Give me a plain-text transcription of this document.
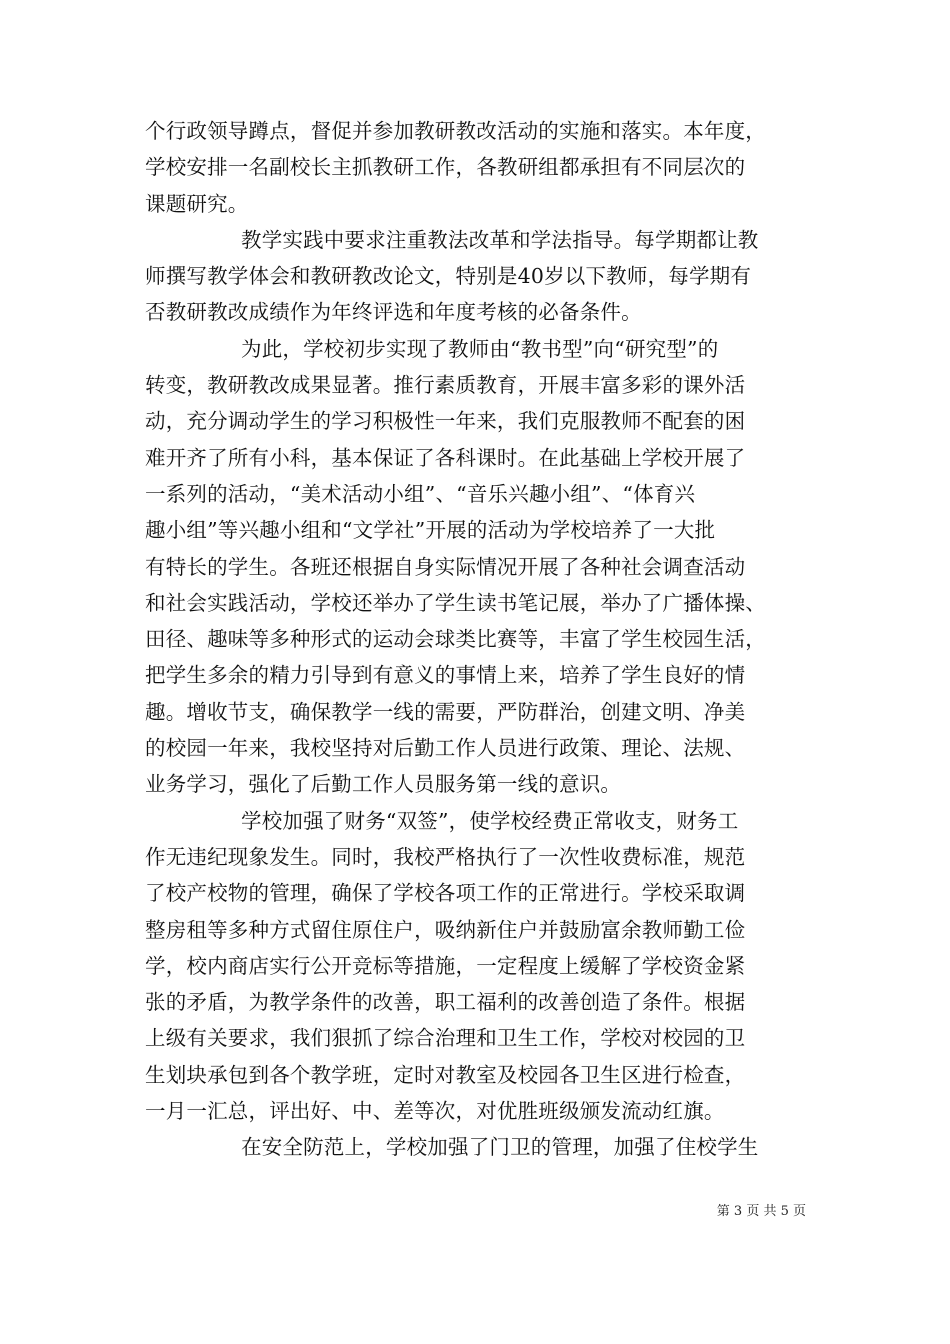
个行政领导蹲点，督促并参加教研教改活动的实施和落实。本年度，
学校安排一名副校长主抓教研工作，各教研组都承担有不同层次的
课题研究。
教学实践中要求注重教法改革和学法指导。每学期都让教
师撰写教学体会和教研教改论文，特别是40岁以下教师，每学期有
否教研教改成绩作为年终评选和年度考核的必备条件。
为此，学校初步实现了教师由“教书型”向“研究型”的
转变，教研教改成果显著。推行素质教育，开展丰富多彩的课外活
动，充分调动学生的学习积极性一年来，我们克服教师不配套的困
难开齐了所有小科，基本保证了各科课时。在此基础上学校开展了
一系列的活动，“美术活动小组”、“音乐兴趣小组”、“体育兴
趣小组”等兴趣小组和“文学社”开展的活动为学校培养了一大批
有特长的学生。各班还根据自身实际情况开展了各种社会调查活动
和社会实践活动，学校还举办了学生读书笔记展，举办了广播体操、
田径、趣味等多种形式的运动会球类比赛等，丰富了学生校园生活，
把学生多余的精力引导到有意义的事情上来，培养了学生良好的情
趣。增收节支，确保教学一线的需要，严防群治，创建文明、净美
的校园一年来，我校坚持对后勤工作人员进行政策、理论、法规、
业务学习，强化了后勤工作人员服务第一线的意识。
学校加强了财务“双签”，使学校经费正常收支，财务工
作无违纪现象发生。同时，我校严格执行了一次性收费标准，规范
了校产校物的管理，确保了学校各项工作的正常进行。学校采取调
整房租等多种方式留住原住户，吸纳新住户并鼓励富余教师勤工俭
学，校内商店实行公开竞标等措施，一定程度上缓解了学校资金紧
张的矛盾，为教学条件的改善，职工福利的改善创造了条件。根据
上级有关要求，我们狠抓了综合治理和卫生工作，学校对校园的卫
生划块承包到各个教学班，定时对教室及校园各卫生区进行检查，
一月一汇总，评出好、中、差等次，对优胜班级颁发流动红旗。
在安全防范上，学校加强了门卫的管理，加强了住校学生
第 3 页 共 5 页
